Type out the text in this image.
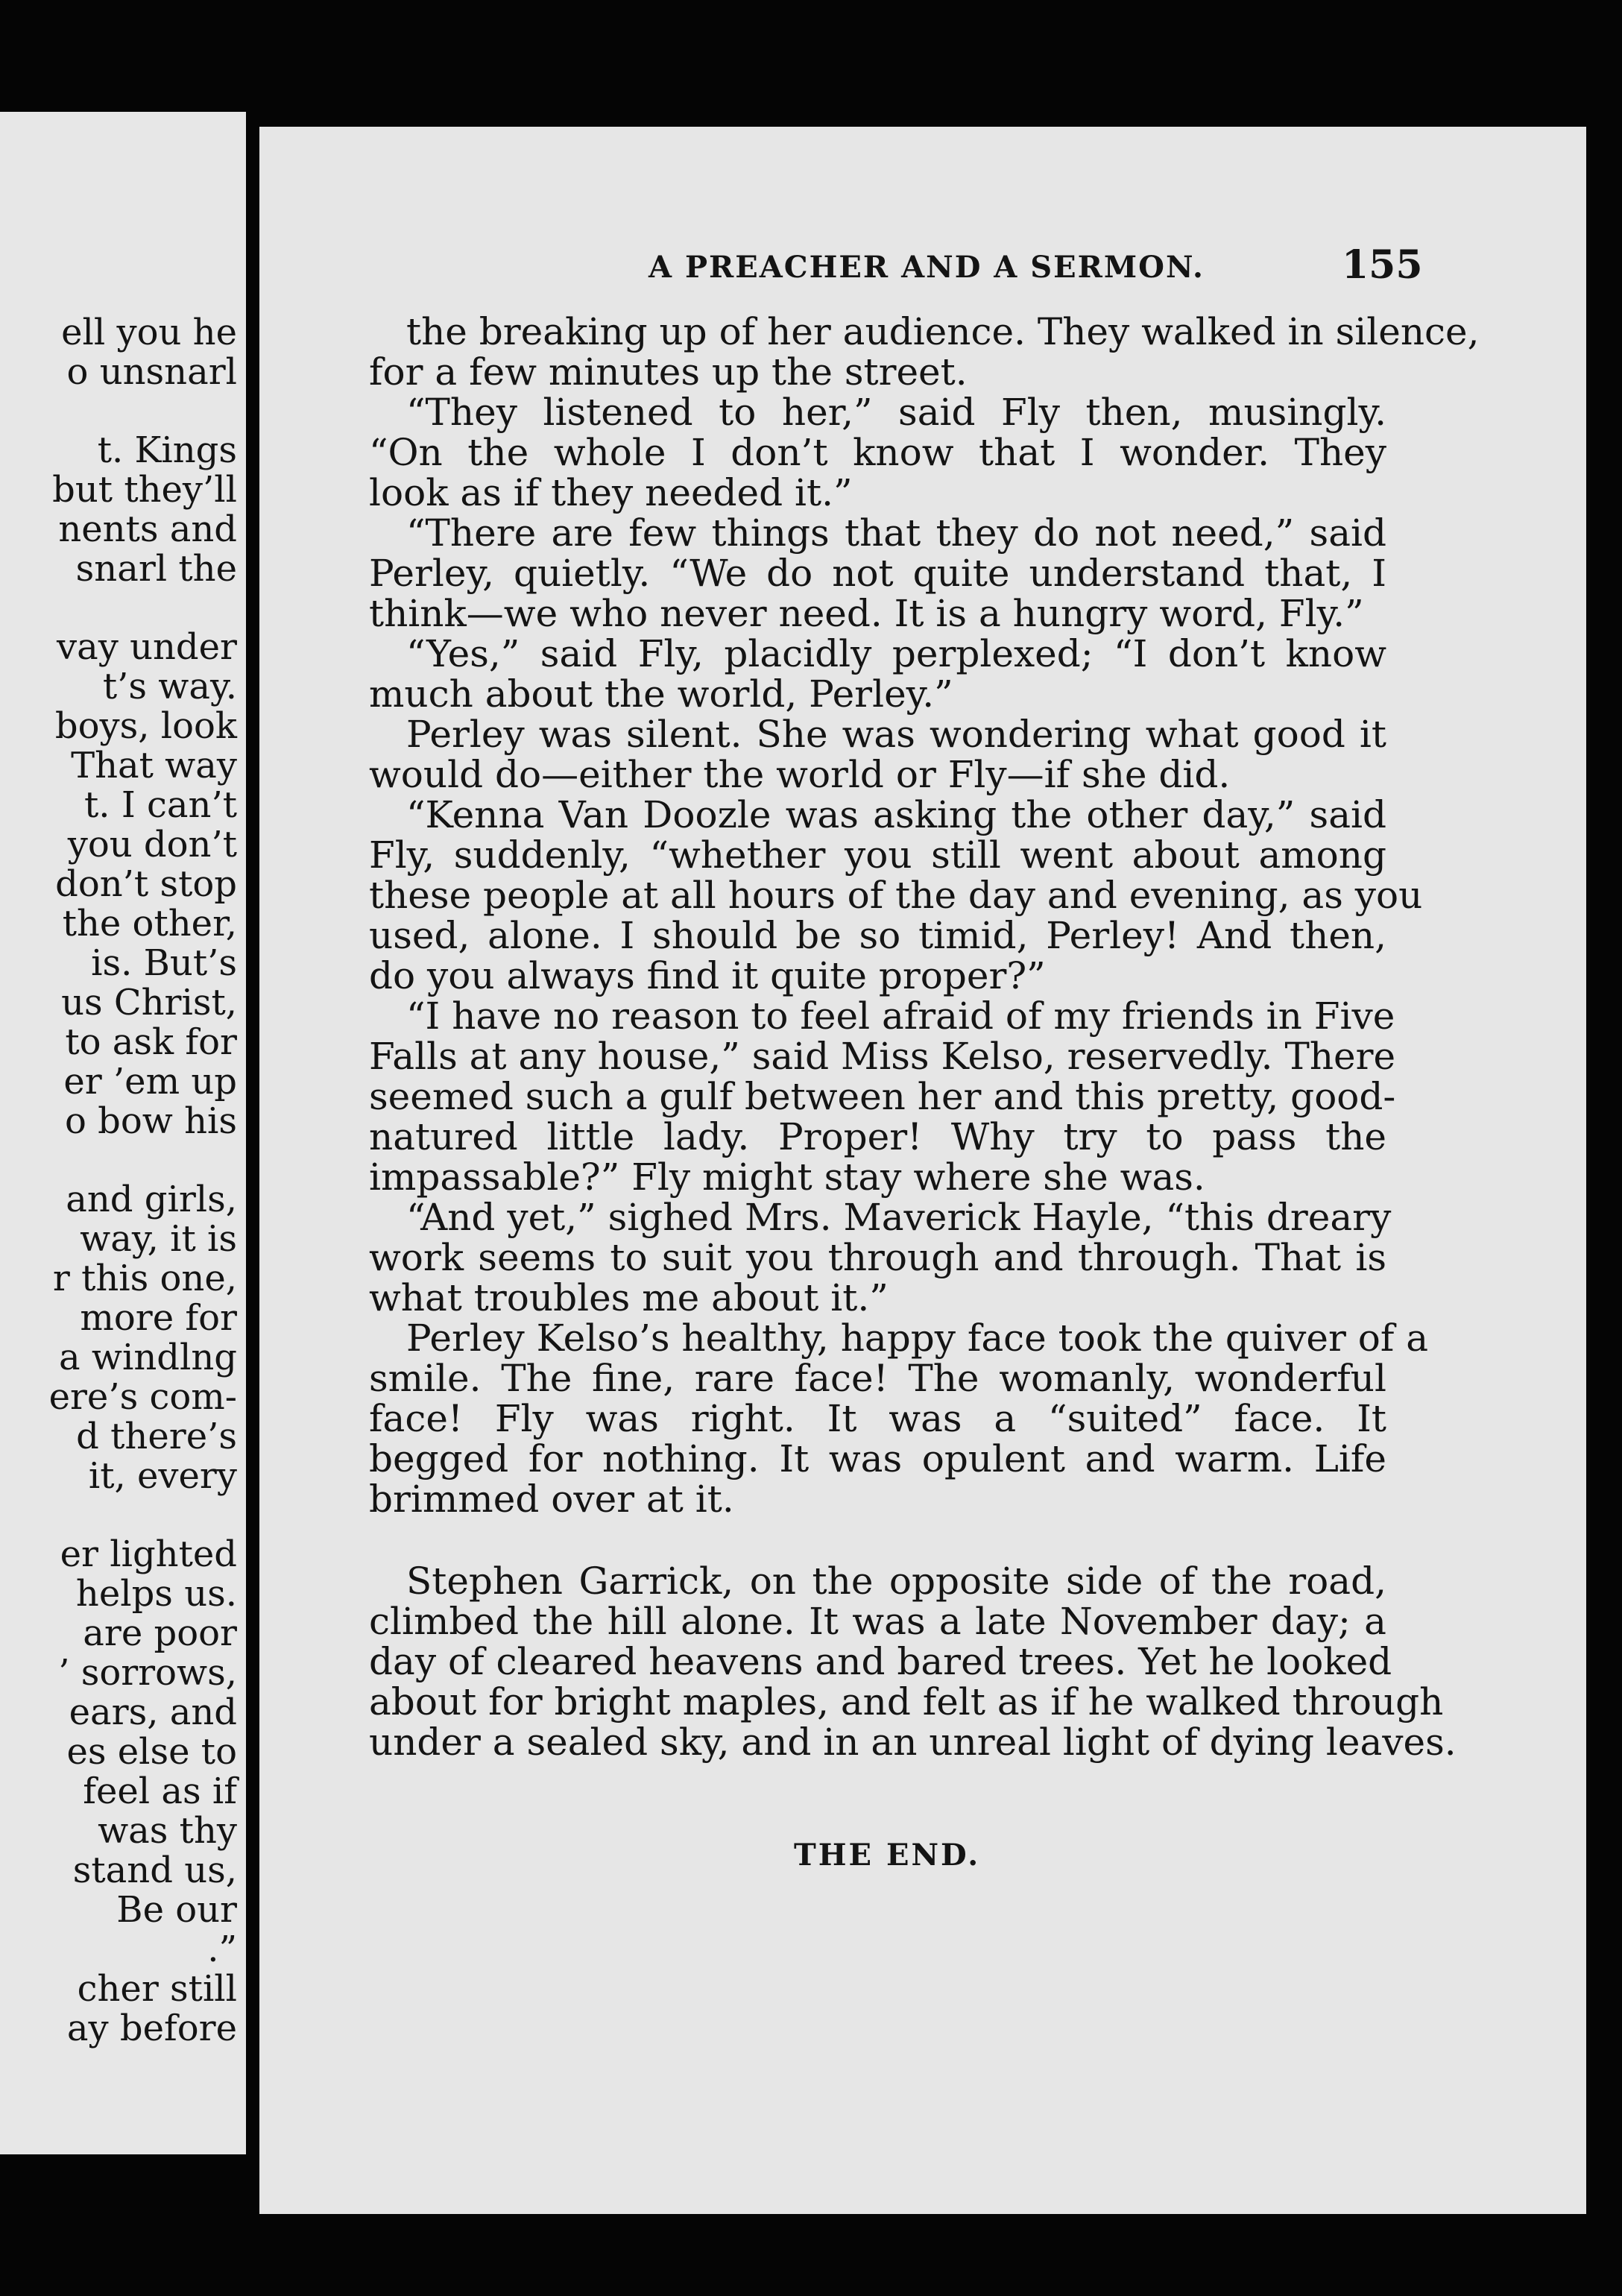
ell you he
o unsnarl
t. Kings
but they’ll
nents and
snarl the
vay under
t’s way.
boys, look
That way
t. I can’t
you don’t
don’t stop
the other,
is. But’s
us Christ,
to ask for
er ’em up
o bow his
and girls,
way, it is
r this one,
more for
a windlng
ere’s com-
d there’s
it, every
er lighted
helps us.
are poor
’ sorrows,
ears, and
es else to
feel as if
was thy
stand us,
Be our
.”
cher still
ay before
A PREACHER AND A SERMON.	155
the breaking up of her audience. They walked in silence,
for a few minutes up the street.
“They listened to her,” said Fly then, musingly.
“On the whole I don’t know that I wonder. They
look as if they needed it.”
“There are few things that they do not need,” said
Perley, quietly. “We do not quite understand that, I
think—we who never need. It is a hungry word, Fly.”
“Yes,” said Fly, placidly perplexed; “I don’t know
much about the world, Perley.”
Perley was silent. She was wondering what good it
would do—either the world or Fly—if she did.
“Kenna Van Doozle was asking the other day,” said
Fly, suddenly, “whether you still went about among
these people at all hours of the day and evening, as you
used, alone. I should be so timid, Perley! And then,
do you always find it quite proper?”
“I have no reason to feel afraid of my friends in Five
Falls at any house,” said Miss Kelso, reservedly. There
seemed such a gulf between her and this pretty, good-
natured little lady. Proper! Why try to pass the
impassable?” Fly might stay where she was.
“And yet,” sighed Mrs. Maverick Hayle, “this dreary
work seems to suit you through and through. That is
what troubles me about it.”
Perley Kelso’s healthy, happy face took the quiver of a
smile. The fine, rare face! The womanly, wonderful
face! Fly was right. It was a “suited” face. It
begged for nothing. It was opulent and warm. Life
brimmed over at it.
Stephen Garrick, on the opposite side of the road,
climbed the hill alone. It was a late November day; a
day of cleared heavens and bared trees. Yet he looked
about for bright maples, and felt as if he walked through
under a sealed sky, and in an unreal light of dying leaves.
THE END.
